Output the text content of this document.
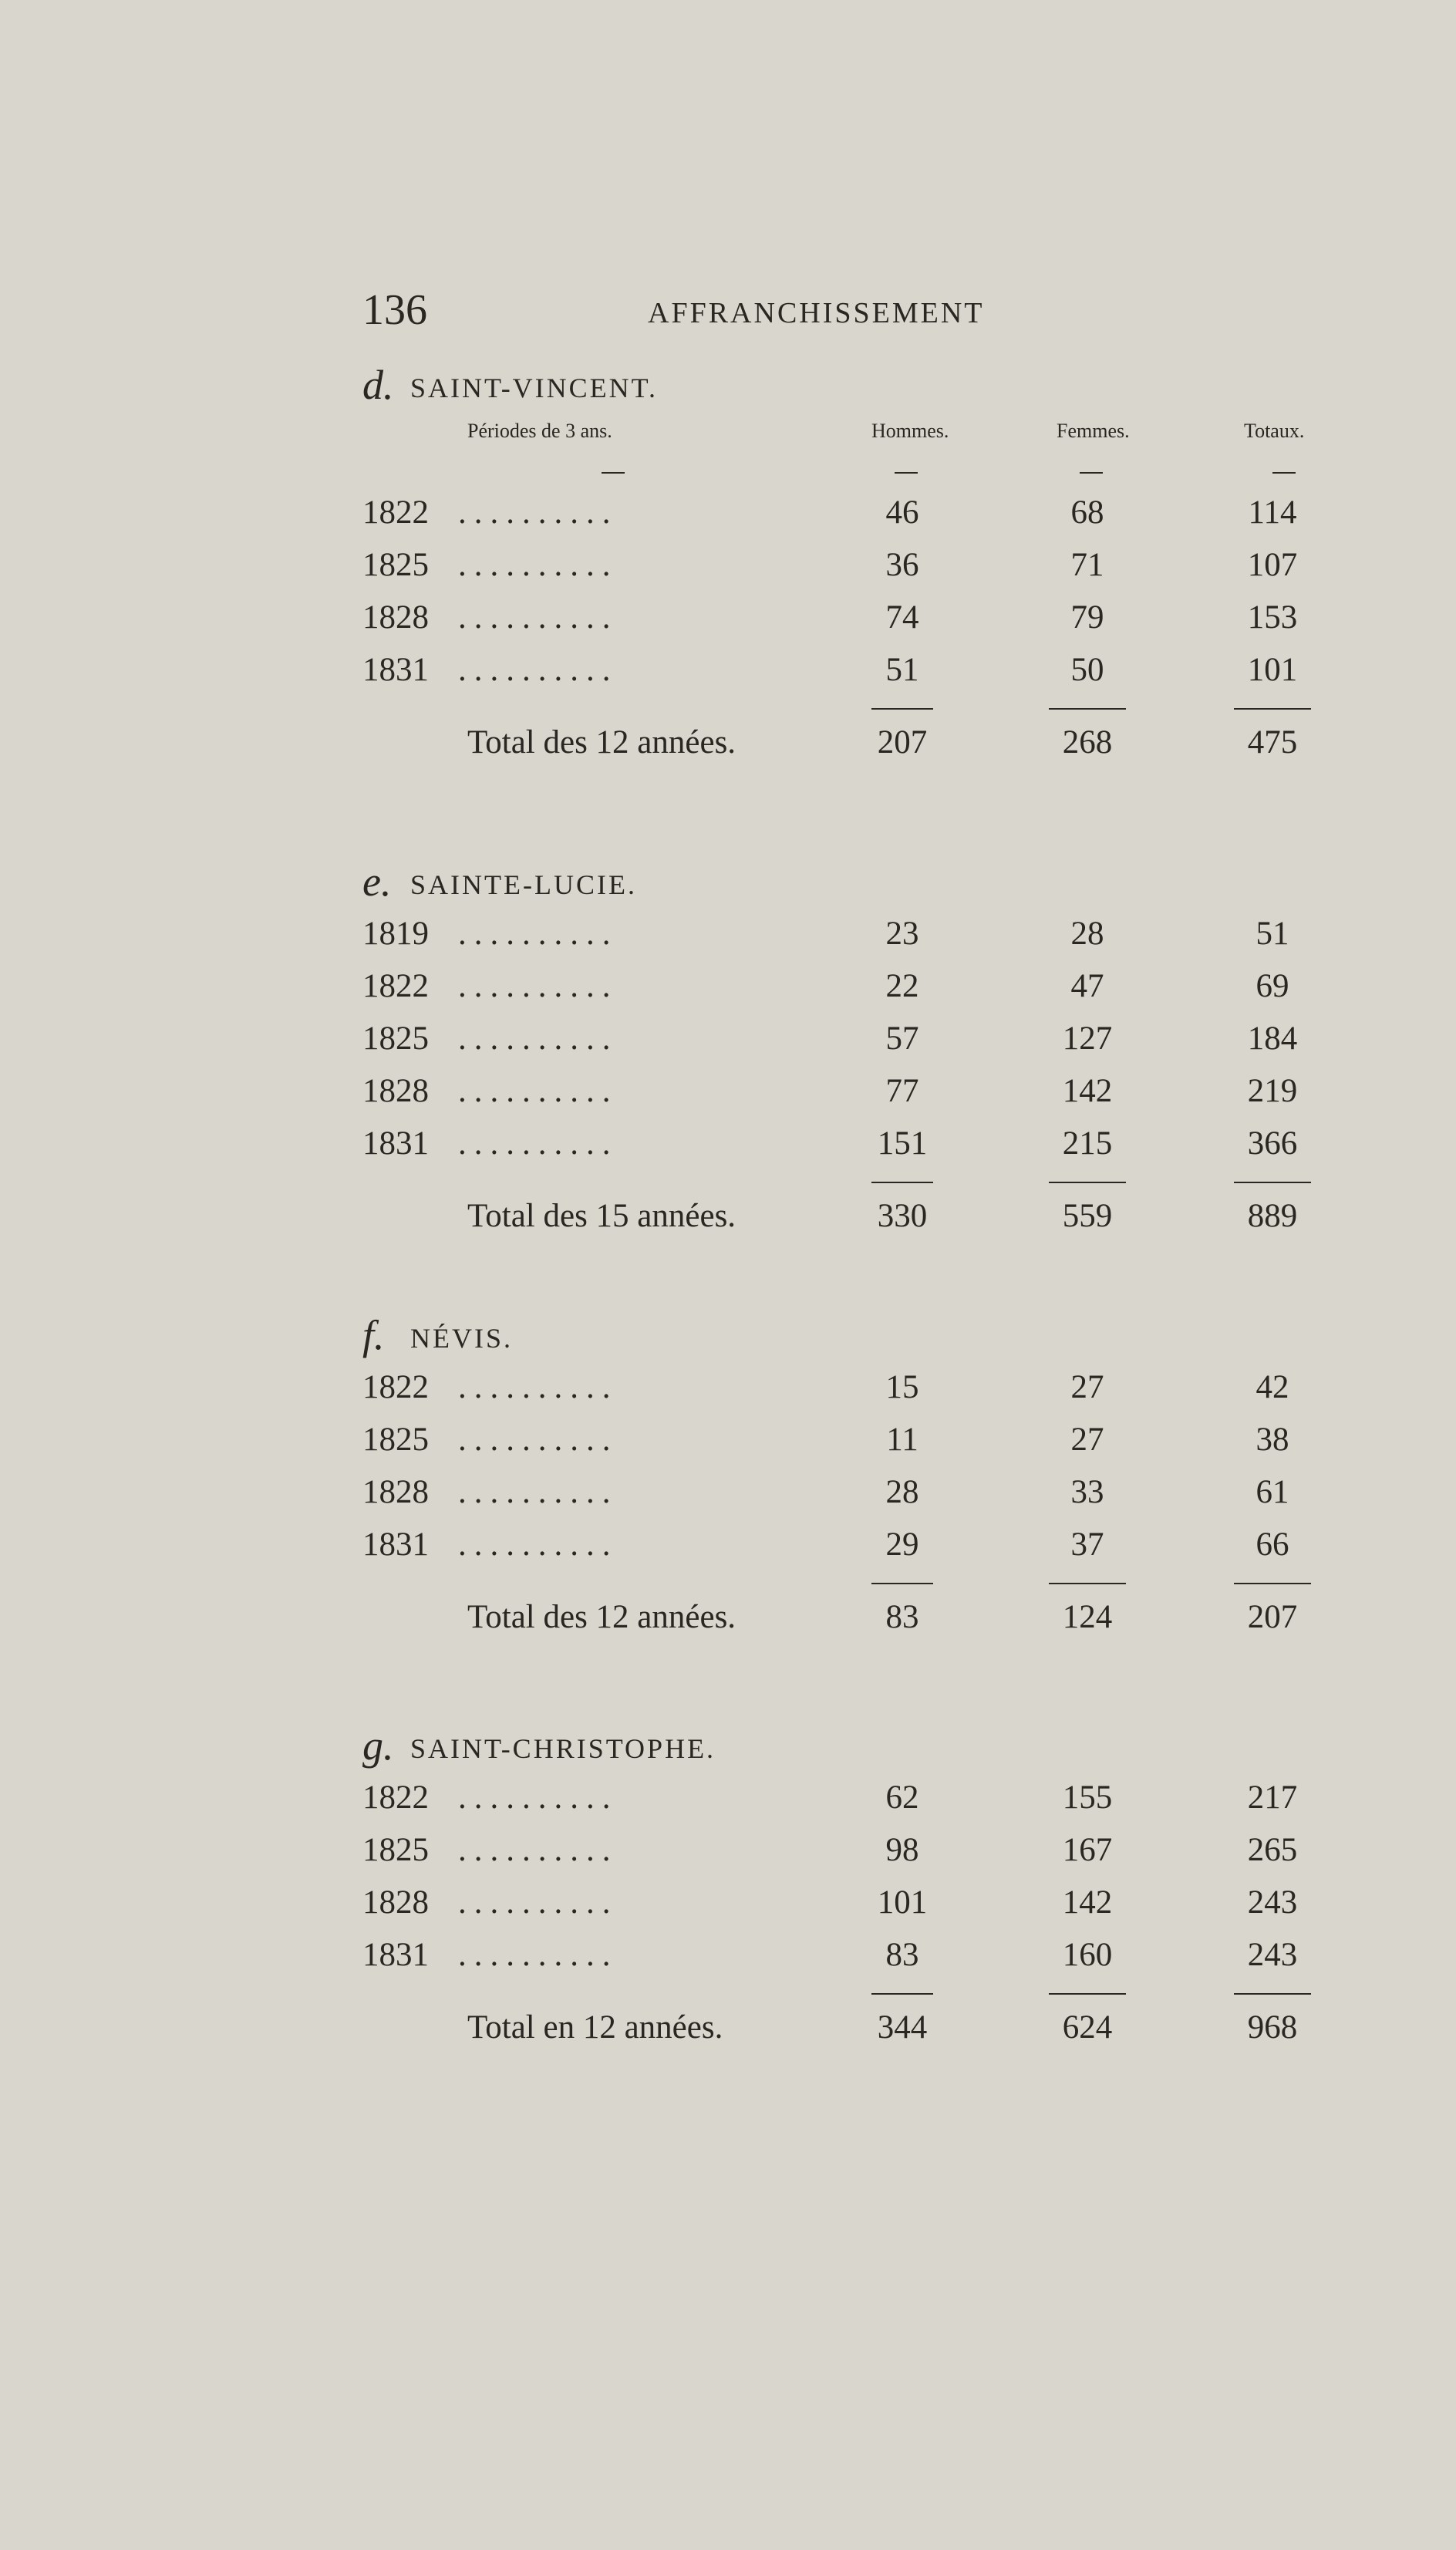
136	AFFRANCHISSEMENT
d. SAINT-VINCENT.
Périodes de 3 ans.	Hommes.	Femmes.	Totaux.
1822 ..........	46	68	114
1825 ..........	36	71	107
1828 ..........	74	79	153
1831 ..........	51	50	101
Total des 12 années.	207	268	475
e. SAINTE-LUCIE.
1819 ..........	23	28	51
1822 ..........	22	47	69
1825 ..........	57	127	184
1828 ..........	77	142	219
1831 ..........	151	215	366
Total des 15 années.	330	559	889
f. NÉVIS.
1822 ..........	15	27	42
1825 ..........	11	27	38
1828 ..........	28	33	61
1831 ..........	29	37	66
Total des 12 années.	83	124	207
g. SAINT-CHRISTOPHE.
1822 ..........	62	155	217
1825 ..........	98	167	265
1828 ..........	101	142	243
1831 ..........	83	160	243
Total en 12 années.	344	624	968
